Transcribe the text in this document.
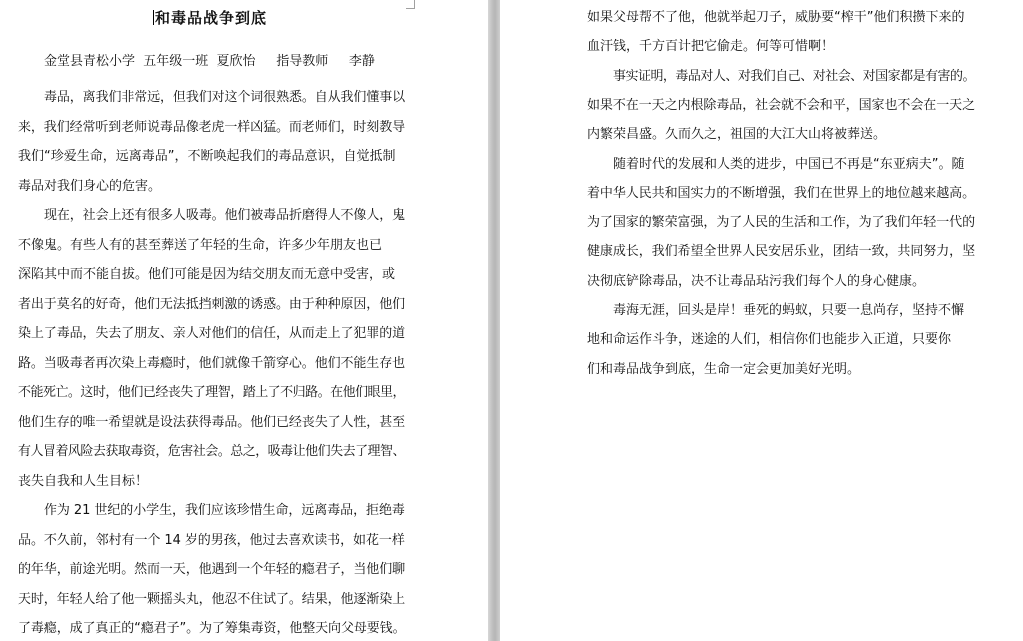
和毒品战争到底
金堂县青松小学  五年级一班  夏欣怡     指导教师     李静
毒品，离我们非常远，但我们对这个词很熟悉。自从我们懂事以
来，我们经常听到老师说毒品像老虎一样凶猛。而老师们，时刻教导
我们“珍爱生命，远离毒品”，不断唤起我们的毒品意识，自觉抵制
毒品对我们身心的危害。
现在，社会上还有很多人吸毒。他们被毒品折磨得人不像人，鬼
不像鬼。有些人有的甚至葬送了年轻的生命，许多少年朋友也已
深陷其中而不能自拔。他们可能是因为结交朋友而无意中受害，或
者出于莫名的好奇，他们无法抵挡刺激的诱惑。由于种种原因，他们
染上了毒品，失去了朋友、亲人对他们的信任，从而走上了犯罪的道
路。当吸毒者再次染上毒瘾时，他们就像千箭穿心。他们不能生存也
不能死亡。这时，他们已经丧失了理智，踏上了不归路。在他们眼里，
他们生存的唯一希望就是设法获得毒品。他们已经丧失了人性，甚至
有人冒着风险去获取毒资，危害社会。总之，吸毒让他们失去了理智、
丧失自我和人生目标！
作为 21 世纪的小学生，我们应该珍惜生命，远离毒品，拒绝毒
品。不久前，邻村有一个 14 岁的男孩，他过去喜欢读书，如花一样
的年华，前途光明。然而一天，他遇到一个年轻的瘾君子，当他们聊
天时，年轻人给了他一颗摇头丸，他忍不住试了。结果，他逐渐染上
了毒瘾，成了真正的“瘾君子”。为了筹集毒资，他整天向父母要钱。
如果父母帮不了他，他就举起刀子，威胁要“榨干”他们积攒下来的
血汗钱，千方百计把它偷走。何等可惜啊！
事实证明，毒品对人、对我们自己、对社会、对国家都是有害的。
如果不在一天之内根除毒品，社会就不会和平，国家也不会在一天之
内繁荣昌盛。久而久之，祖国的大江大山将被葬送。
随着时代的发展和人类的进步，中国已不再是“东亚病夫”。随
着中华人民共和国实力的不断增强，我们在世界上的地位越来越高。
为了国家的繁荣富强，为了人民的生活和工作，为了我们年轻一代的
健康成长，我们希望全世界人民安居乐业，团结一致，共同努力，坚
决彻底铲除毒品，决不让毒品玷污我们每个人的身心健康。
毒海无涯，回头是岸！垂死的蚂蚁，只要一息尚存，坚持不懈
地和命运作斗争，迷途的人们，相信你们也能步入正道，只要你
们和毒品战争到底，生命一定会更加美好光明。
